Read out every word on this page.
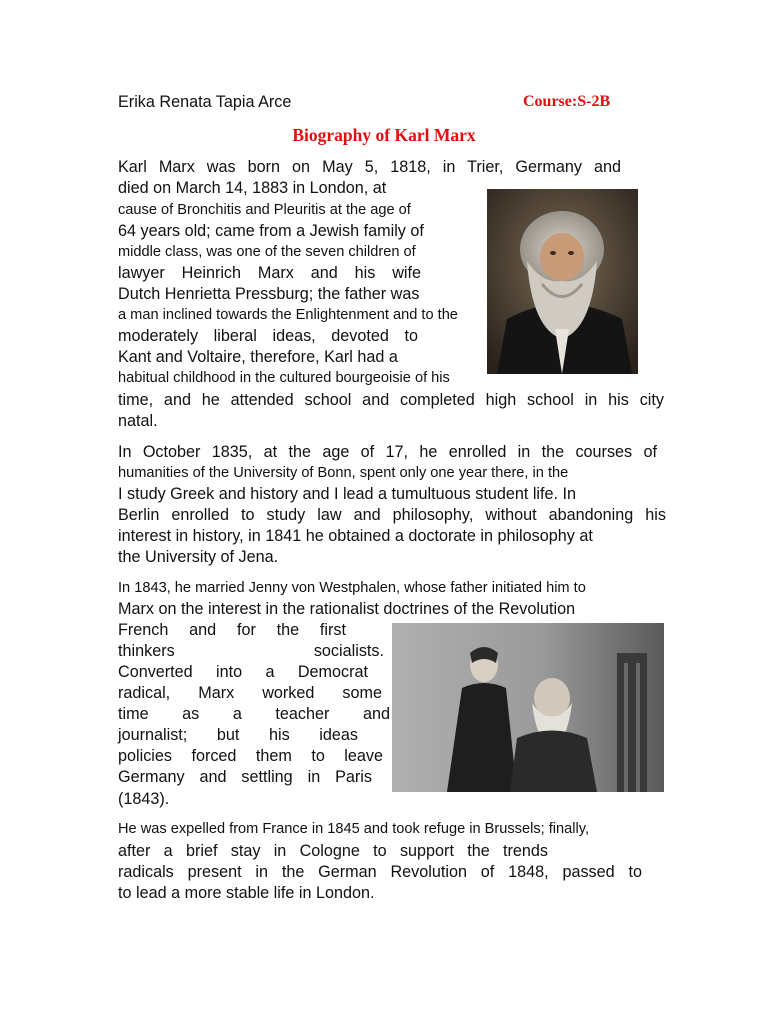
Erika Renata Tapia Arce	Course:S-2B
Biography of Karl Marx
Karl Marx was born on May 5, 1818, in Trier, Germany and
died on March 14, 1883 in London, at
cause of Bronchitis and Pleuritis at the age of
64 years old; came from a Jewish family of
middle class, was one of the seven children of
lawyer Heinrich Marx and his wife
Dutch Henrietta Pressburg; the father was
a man inclined towards the Enlightenment and to the
moderately liberal ideas, devoted to
Kant and Voltaire, therefore, Karl had a
habitual childhood in the cultured bourgeoisie of his
time, and he attended school and completed high school in his city
natal.
In October 1835, at the age of 17, he enrolled in the courses of
humanities of the University of Bonn, spent only one year there, in the
I study Greek and history and I lead a tumultuous student life. In
Berlin enrolled to study law and philosophy, without abandoning his
interest in history, in 1841 he obtained a doctorate in philosophy at
the University of Jena.
In 1843, he married Jenny von Westphalen, whose father initiated him to
Marx on the interest in the rationalist doctrines of the Revolution
French and for the first
thinkers socialists.
Converted into a Democrat
radical, Marx worked some
time as a teacher and
journalist; but his ideas
policies forced them to leave
Germany and settling in Paris
(1843).
He was expelled from France in 1845 and took refuge in Brussels; finally,
after a brief stay in Cologne to support the trends
radicals present in the German Revolution of 1848, passed to
to lead a more stable life in London.
